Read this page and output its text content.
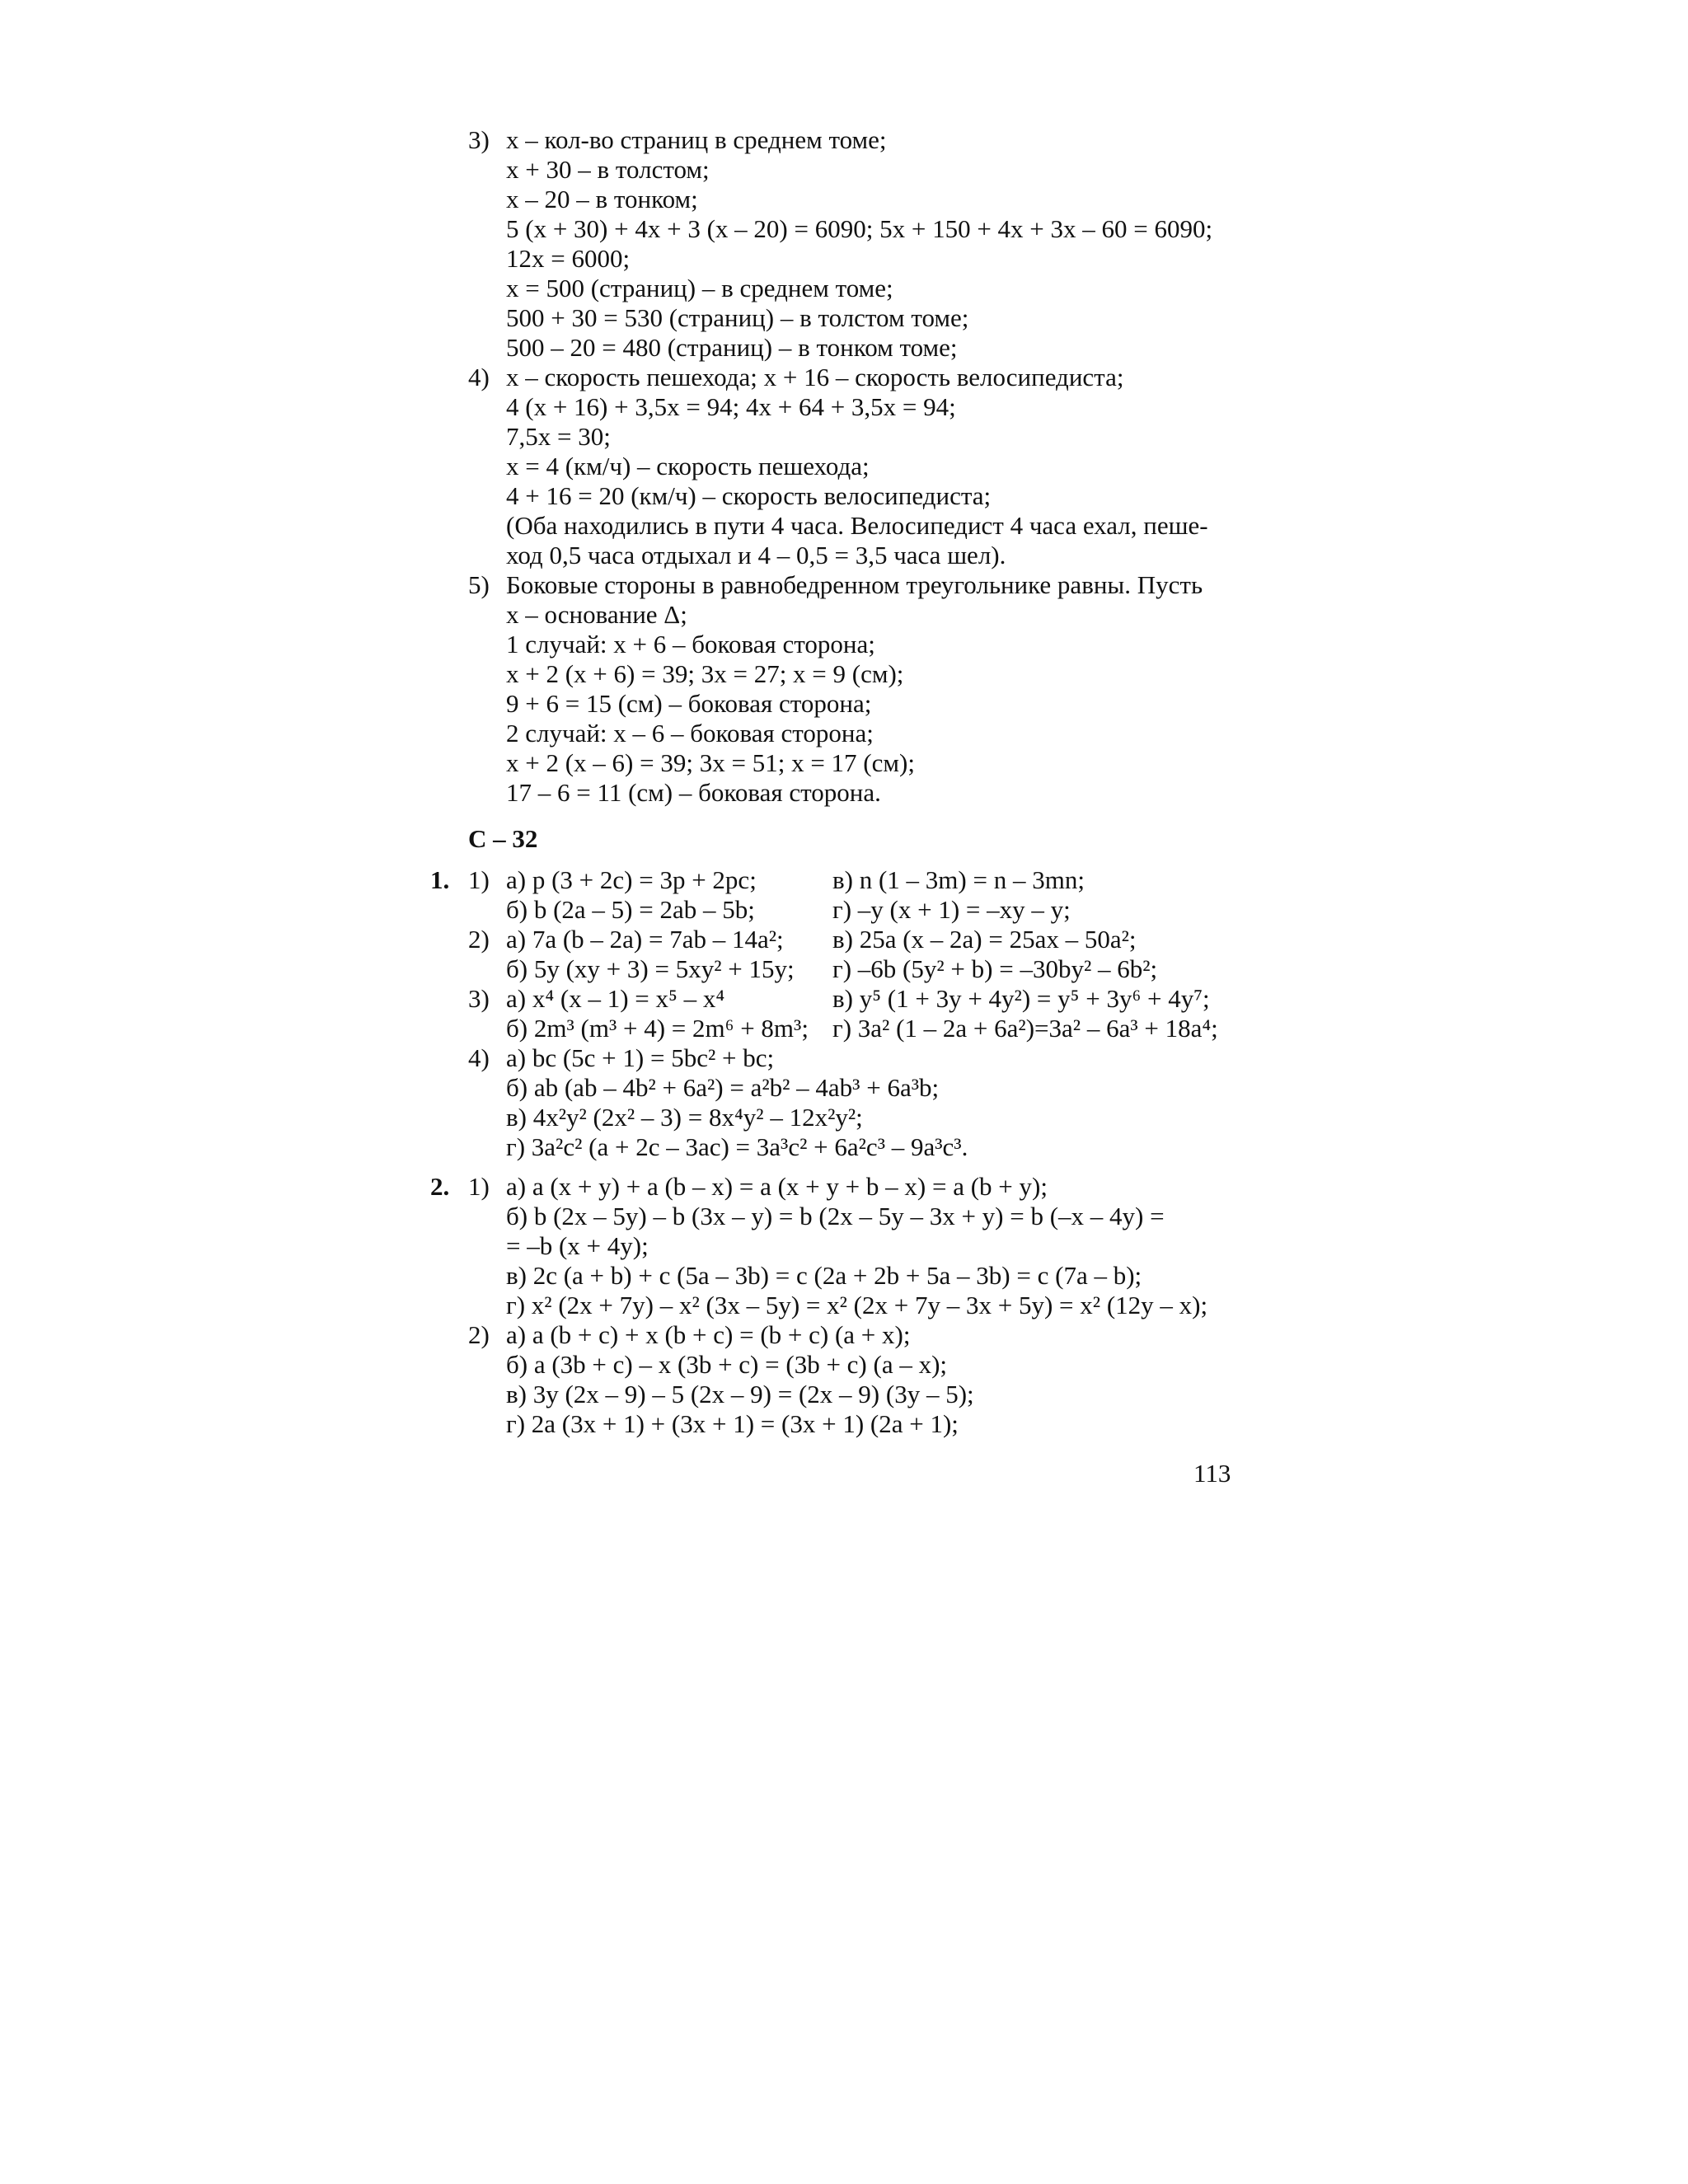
3) x – кол-во страниц в среднем томе;
x + 30 – в толстом;
x – 20 – в тонком;
5 (x + 30) + 4x + 3 (x – 20) = 6090; 5x + 150 + 4x + 3x – 60 = 6090;
12x = 6000;
x = 500 (страниц) – в среднем томе;
500 + 30 = 530 (страниц) – в толстом томе;
500 – 20 = 480 (страниц) – в тонком томе;
4) x – скорость пешехода; x + 16 – скорость велосипедиста;
4 (x + 16) + 3,5x = 94; 4x + 64 + 3,5x = 94;
7,5x = 30;
x = 4 (км/ч) – скорость пешехода;
4 + 16 = 20 (км/ч) – скорость велосипедиста;
(Оба находились в пути 4 часа. Велосипедист 4 часа ехал, пеше-
ход 0,5 часа отдыхал и 4 – 0,5 = 3,5 часа шел).
5) Боковые стороны в равнобедренном треугольнике равны. Пусть
x – основание Δ;
1 случай: x + 6 – боковая сторона;
x + 2 (x + 6) = 39; 3x = 27; x = 9 (см);
9 + 6 = 15 (см) – боковая сторона;
2 случай: x – 6 – боковая сторона;
x + 2 (x – 6) = 39; 3x = 51; x = 17 (см);
17 – 6 = 11 (см) – боковая сторона.
С – 32
1. 1) а) p (3 + 2c) = 3p + 2pc;	в) n (1 – 3m) = n – 3mn;
б) b (2a – 5) = 2ab – 5b;	г) –y (x + 1) = –xy – y;
2) а) 7a (b – 2a) = 7ab – 14a²; в) 25a (x – 2a) = 25ax – 50a²;
б) 5y (xy + 3) = 5xy² + 15y; г) –6b (5y² + b) = –30by² – 6b²;
3) а) x⁴ (x – 1) = x⁵ – x⁴	в) y⁵ (1 + 3y + 4y²) = y⁵ + 3y⁶ + 4y⁷;
б) 2m³ (m³ + 4) = 2m⁶ + 8m³; г) 3a² (1 – 2a + 6a²)=3a² – 6a³ + 18a⁴;
4) а) bc (5c + 1) = 5bc² + bc;
б) ab (ab – 4b² + 6a²) = a²b² – 4ab³ + 6a³b;
в) 4x²y² (2x² – 3) = 8x⁴y² – 12x²y²;
г) 3a²c² (a + 2c – 3ac) = 3a³c² + 6a²c³ – 9a³c³.
2. 1) а) a (x + y) + a (b – x) = a (x + y + b – x) = a (b + y);
б) b (2x – 5y) – b (3x – y) = b (2x – 5y – 3x + y) = b (–x – 4y) =
= –b (x + 4y);
в) 2c (a + b) + c (5a – 3b) = c (2a + 2b + 5a – 3b) = c (7a – b);
г) x² (2x + 7y) – x² (3x – 5y) = x² (2x + 7y – 3x + 5y) = x² (12y – x);
2) а) a (b + c) + x (b + c) = (b + c) (a + x);
б) a (3b + c) – x (3b + c) = (3b + c) (a – x);
в) 3y (2x – 9) – 5 (2x – 9) = (2x – 9) (3y – 5);
г) 2a (3x + 1) + (3x + 1) = (3x + 1) (2a + 1);
113
